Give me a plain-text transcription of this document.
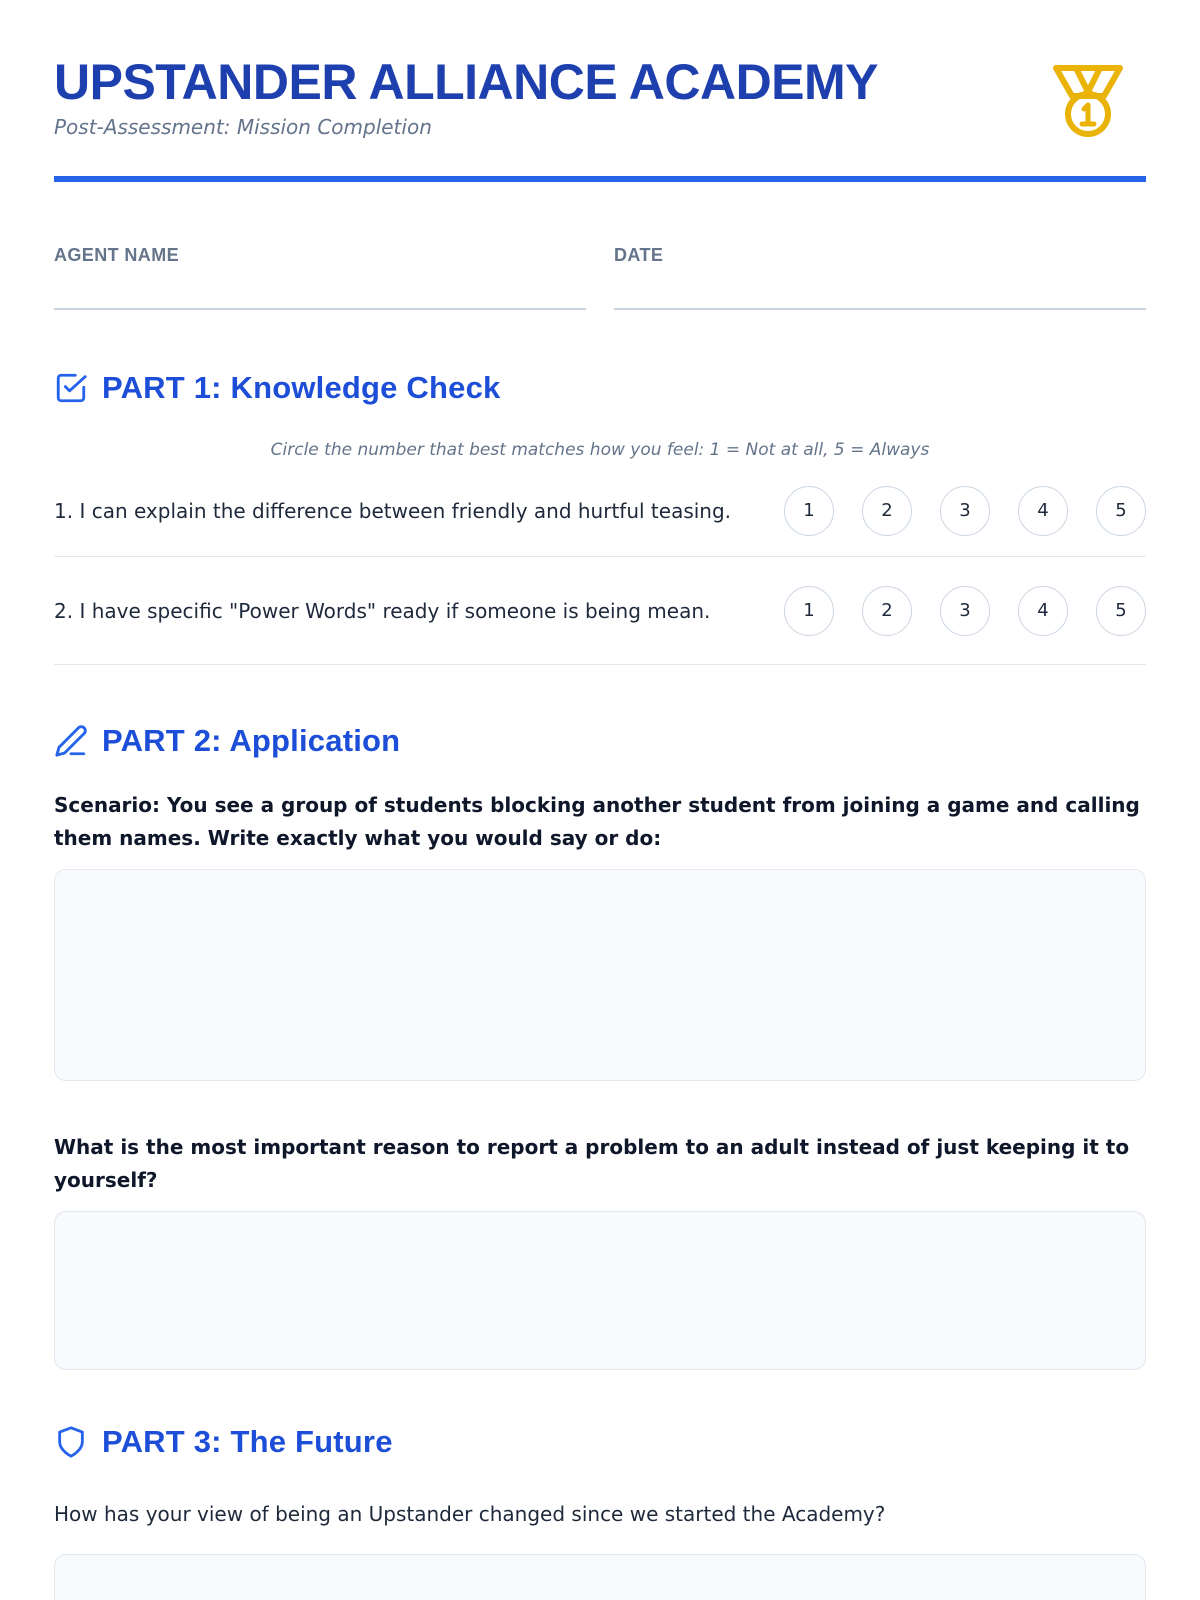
UPSTANDER ALLIANCE ACADEMY
Post-Assessment: Mission Completion
AGENT NAME	DATE
PART 1: Knowledge Check
Circle the number that best matches how you feel: 1 = Not at all, 5 = Always
1. I can explain the difference between friendly and hurtful teasing.	1	2	3	4	5
2. I have specific "Power Words" ready if someone is being mean.	1	2	3	4	5
PART 2: Application
Scenario: You see a group of students blocking another student from joining a game and calling them names. Write exactly what you would say or do:
What is the most important reason to report a problem to an adult instead of just keeping it to yourself?
PART 3: The Future
How has your view of being an Upstander changed since we started the Academy?
